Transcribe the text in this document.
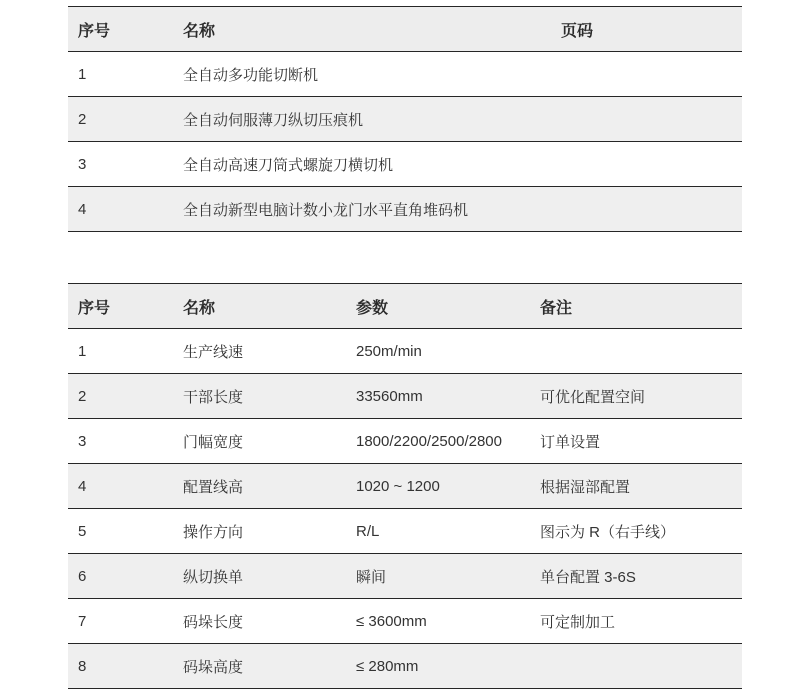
序号	名称	页码
1	全自动多功能切断机	
2	全自动伺服薄刀纵切压痕机	
3	全自动高速刀筒式螺旋刀横切机	
4	全自动新型电脑计数小龙门水平直角堆码机	
序号	名称	参数	备注
1	生产线速	250m/min	
2	干部长度	33560mm	可优化配置空间
3	门幅宽度	1800/2200/2500/2800	订单设置
4	配置线高	1020 ~ 1200	根据湿部配置
5	操作方向	R/L	图示为 R（右手线）
6	纵切换单	瞬间	单台配置 3-6S
7	码垛长度	≤ 3600mm	可定制加工
8	码垛高度	≤ 280mm	
